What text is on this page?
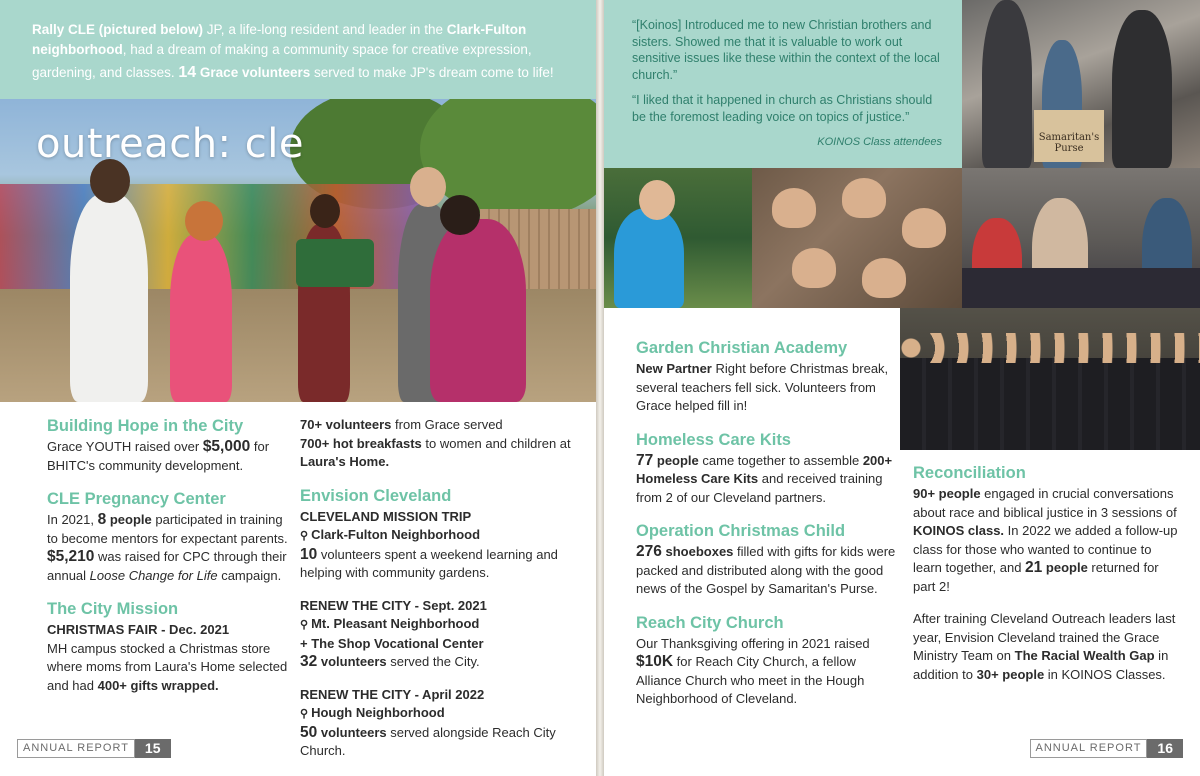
Rally CLE (pictured below) JP, a life-long resident and leader in the Clark-Fulton neighborhood, had a dream of making a community space for creative expression, gardening, and classes. 14 Grace volunteers served to make JP's dream come to life!
outreach: cle
Building Hope in the City
Grace YOUTH raised over $5,000 for BHITC's community development.
CLE Pregnancy Center
In 2021, 8 people participated in training to become mentors for expectant parents. $5,210 was raised for CPC through their annual Loose Change for Life campaign.
The City Mission
CHRISTMAS FAIR - Dec. 2021
MH campus stocked a Christmas store where moms from Laura's Home selected and had 400+ gifts wrapped.
70+ volunteers from Grace served
700+ hot breakfasts to women and children at Laura's Home.
Envision Cleveland
CLEVELAND MISSION TRIP
⚲ Clark-Fulton Neighborhood
10 volunteers spent a weekend learning and helping with community gardens.
RENEW THE CITY - Sept. 2021
⚲ Mt. Pleasant Neighborhood
+ The Shop Vocational Center
32 volunteers served the City.
RENEW THE CITY - April 2022
⚲ Hough Neighborhood
50 volunteers served alongside Reach City Church.
ANNUAL REPORT	15

“[Koinos] Introduced me to new Christian brothers and sisters. Showed me that it is valuable to work out sensitive issues like these within the context of the local church.”

“I liked that it happened in church as Christians should be the foremost leading voice on topics of justice.”

KOINOS Class attendees	Samaritan's Purse
Garden Christian Academy
New Partner Right before Christmas break, several teachers fell sick. Volunteers from Grace helped fill in!
Homeless Care Kits
77 people came together to assemble 200+ Homeless Care Kits and received training from 2 of our Cleveland partners.
Operation Christmas Child
276 shoeboxes filled with gifts for kids were packed and distributed along with the good news of the Gospel by Samaritan's Purse.
Reach City Church
Our Thanksgiving offering in 2021 raised $10K for Reach City Church, a fellow Alliance Church who meet in the Hough Neighborhood of Cleveland.
Reconciliation
90+ people engaged in crucial conversations about race and biblical justice in 3 sessions of KOINOS class. In 2022 we added a follow-up class for those who wanted to continue to learn together, and 21 people returned for part 2!
After training Cleveland Outreach leaders last year, Envision Cleveland trained the Grace Ministry Team on The Racial Wealth Gap in addition to 30+ people in KOINOS Classes.
ANNUAL REPORT	16
